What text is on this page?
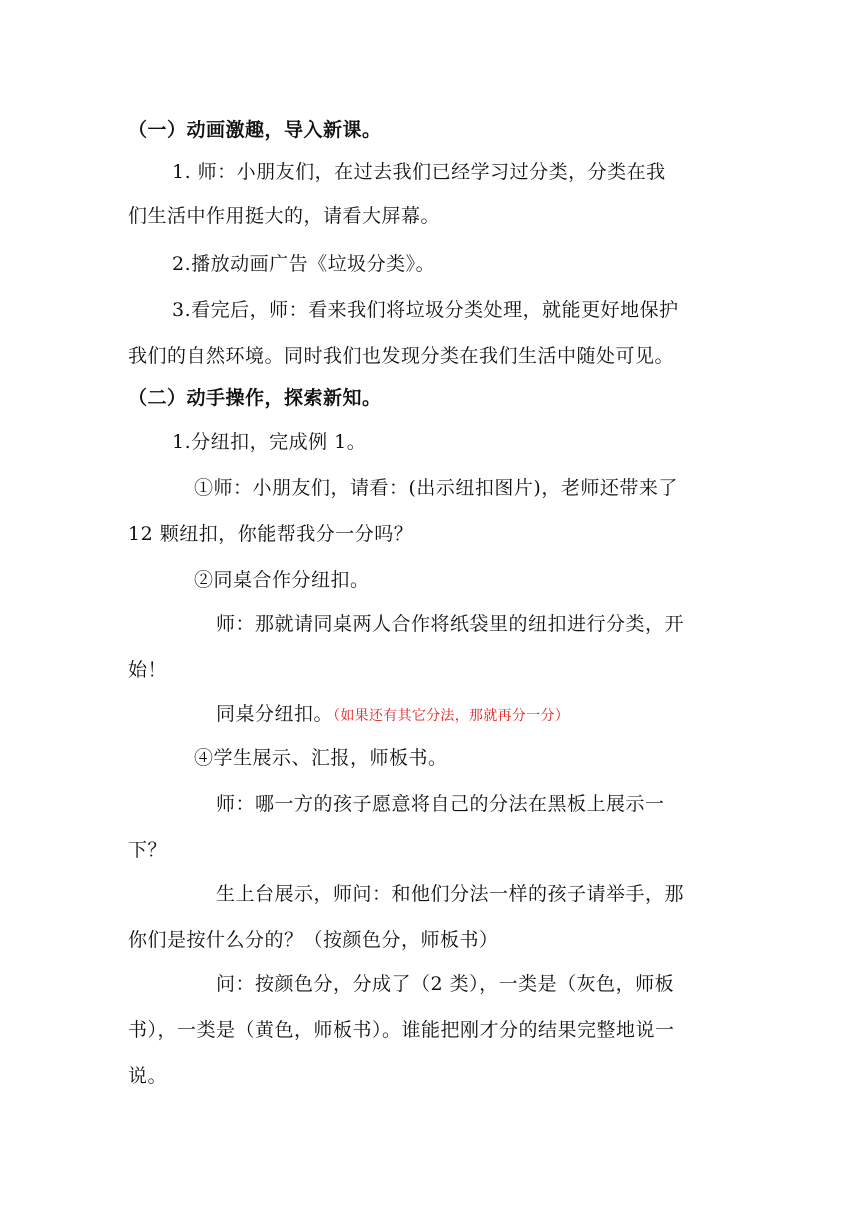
（一）动画激趣，导入新课。
1. 师：小朋友们，在过去我们已经学习过分类，分类在我
们生活中作用挺大的，请看大屏幕。
2.播放动画广告《垃圾分类》。
3.看完后，师：看来我们将垃圾分类处理，就能更好地保护
我们的自然环境。同时我们也发现分类在我们生活中随处可见。
（二）动手操作，探索新知。
1.分纽扣，完成例 1。
①师：小朋友们，请看：(出示纽扣图片)，老师还带来了
12 颗纽扣，你能帮我分一分吗？
②同桌合作分纽扣。
师：那就请同桌两人合作将纸袋里的纽扣进行分类，开
始！
同桌分纽扣。（如果还有其它分法，那就再分一分）
④学生展示、汇报，师板书。
师：哪一方的孩子愿意将自己的分法在黑板上展示一
下？
生上台展示，师问：和他们分法一样的孩子请举手，那
你们是按什么分的？（按颜色分，师板书）
问：按颜色分，分成了（2 类），一类是（灰色，师板
书），一类是（黄色，师板书）。谁能把刚才分的结果完整地说一
说。
